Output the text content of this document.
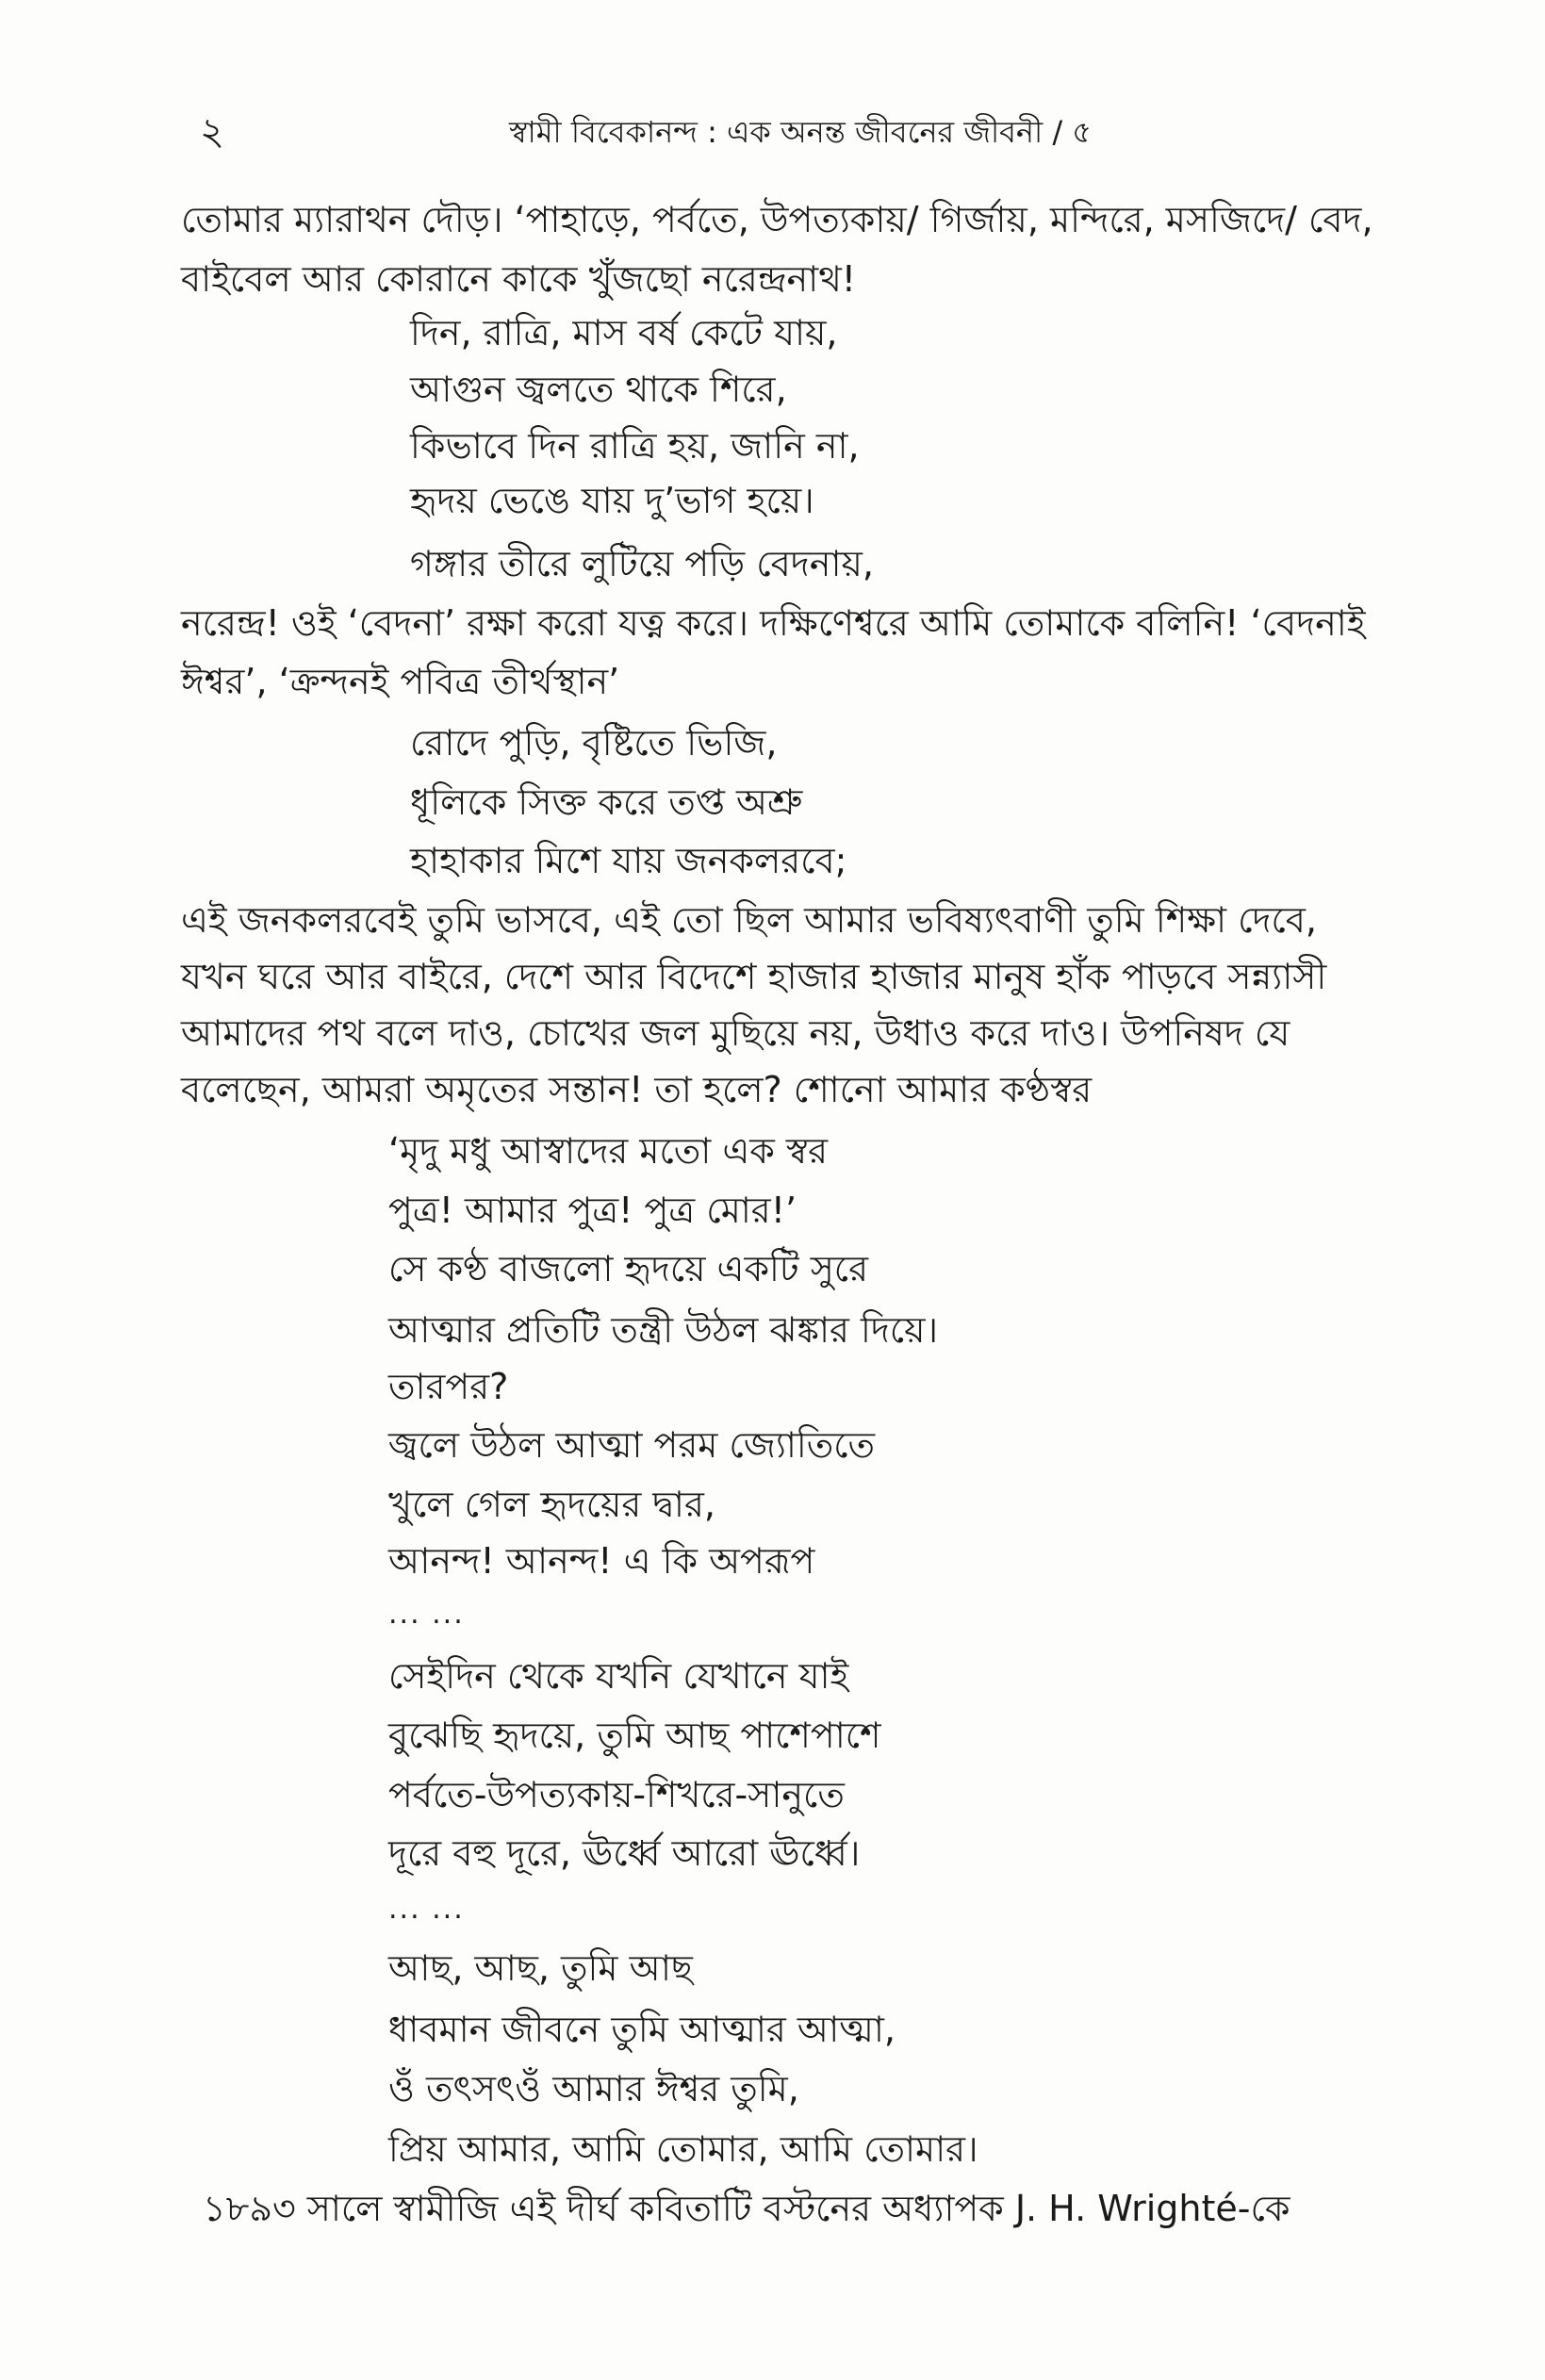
২	স্বামী বিবেকানন্দ : এক অনন্ত জীবনের জীবনী / ৫
তোমার ম্যারাথন দৌড়। ‘পাহাড়ে, পর্বতে, উপত্যকায়/ গির্জায়, মন্দিরে, মসজিদে/ বেদ,
বাইবেল আর কোরানে কাকে খুঁজছো নরেন্দ্রনাথ!
দিন, রাত্রি, মাস বর্ষ কেটে যায়,
আগুন জ্বলতে থাকে শিরে,
কিভাবে দিন রাত্রি হয়, জানি না,
হৃদয় ভেঙে যায় দু’ভাগ হয়ে।
গঙ্গার তীরে লুটিয়ে পড়ি বেদনায়,
নরেন্দ্র! ওই ‘বেদনা’ রক্ষা করো যত্ন করে। দক্ষিণেশ্বরে আমি তোমাকে বলিনি! ‘বেদনাই
ঈশ্বর’, ‘ক্রন্দনই পবিত্র তীর্থস্থান’
রোদে পুড়ি, বৃষ্টিতে ভিজি,
ধূলিকে সিক্ত করে তপ্ত অশ্রু
হাহাকার মিশে যায় জনকলরবে;
এই জনকলরবেই তুমি ভাসবে, এই তো ছিল আমার ভবিষ্যৎবাণী তুমি শিক্ষা দেবে,
যখন ঘরে আর বাইরে, দেশে আর বিদেশে হাজার হাজার মানুষ হাঁক পাড়বে সন্ন্যাসী
আমাদের পথ বলে দাও, চোখের জল মুছিয়ে নয়, উধাও করে দাও। উপনিষদ যে
বলেছেন, আমরা অমৃতের সন্তান! তা হলে? শোনো আমার কণ্ঠস্বর
‘মৃদু মধু আস্বাদের মতো এক স্বর
পুত্র! আমার পুত্র! পুত্র মোর!’
সে কণ্ঠ বাজলো হৃদয়ে একটি সুরে
আত্মার প্রতিটি তন্ত্রী উঠল ঝঙ্কার দিয়ে।
তারপর?
জ্বলে উঠল আত্মা পরম জ্যোতিতে
খুলে গেল হৃদয়ের দ্বার,
আনন্দ! আনন্দ! এ কি অপরূপ
... ...
সেইদিন থেকে যখনি যেখানে যাই
বুঝেছি হৃদয়ে, তুমি আছ পাশেপাশে
পর্বতে-উপত্যকায়-শিখরে-সানুতে
দূরে বহু দূরে, ঊর্ধ্বে আরো ঊর্ধ্বে।
... ...
আছ, আছ, তুমি আছ
ধাবমান জীবনে তুমি আত্মার আত্মা,
ওঁ তৎসৎওঁ আমার ঈশ্বর তুমি,
প্রিয় আমার, আমি তোমার, আমি তোমার।
১৮৯৩ সালে স্বামীজি এই দীর্ঘ কবিতাটি বস্টনের অধ্যাপক J. H. Wrighté-কে
